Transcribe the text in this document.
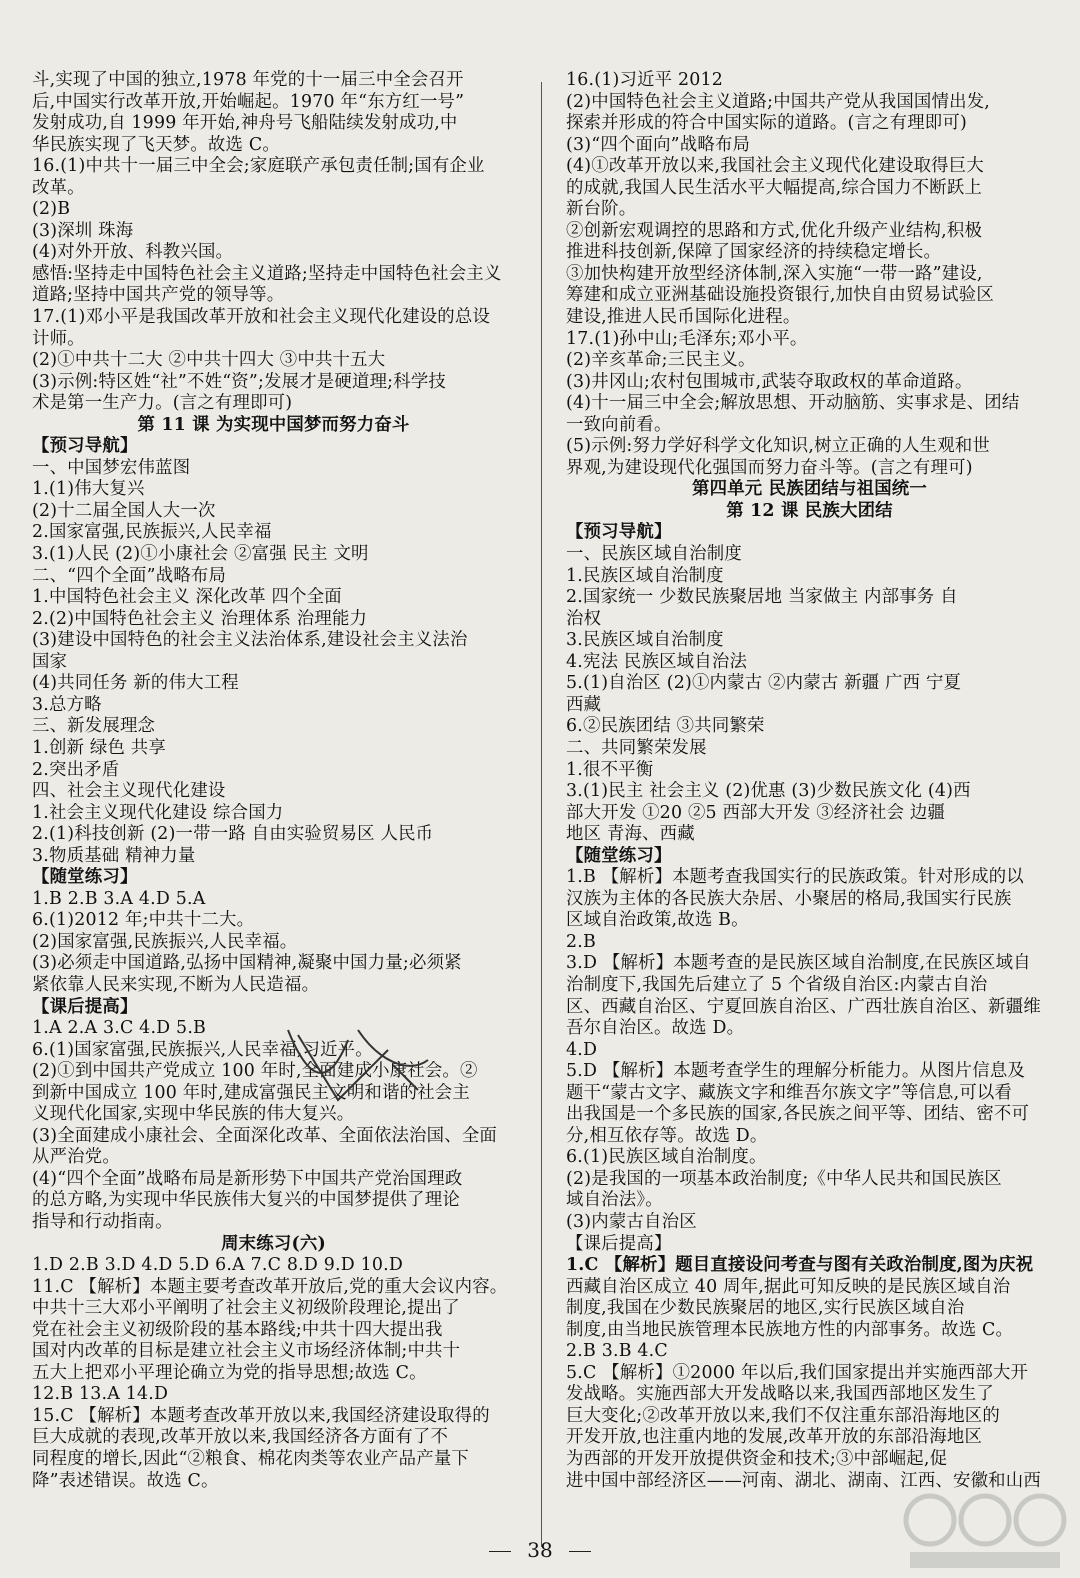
斗,实现了中国的独立,1978 年党的十一届三中全会召开
后,中国实行改革开放,开始崛起。1970 年“东方红一号”
发射成功,自 1999 年开始,神舟号飞船陆续发射成功,中
华民族实现了飞天梦。故选 C。
16.(1)中共十一届三中全会;家庭联产承包责任制;国有企业
改革。
(2)B
(3)深圳 珠海
(4)对外开放、科教兴国。
感悟:坚持走中国特色社会主义道路;坚持走中国特色社会主义
道路;坚持中国共产党的领导等。
17.(1)邓小平是我国改革开放和社会主义现代化建设的总设
计师。
(2)①中共十二大 ②中共十四大 ③中共十五大
(3)示例:特区姓“社”不姓“资”;发展才是硬道理;科学技
术是第一生产力。(言之有理即可)
第 11 课 为实现中国梦而努力奋斗
【预习导航】
一、中国梦宏伟蓝图
1.(1)伟大复兴
(2)十二届全国人大一次
2.国家富强,民族振兴,人民幸福
3.(1)人民 (2)①小康社会 ②富强 民主 文明
二、“四个全面”战略布局
1.中国特色社会主义 深化改革 四个全面
2.(2)中国特色社会主义 治理体系 治理能力
(3)建设中国特色的社会主义法治体系,建设社会主义法治
国家
(4)共同任务 新的伟大工程
3.总方略
三、新发展理念
1.创新 绿色 共享
2.突出矛盾
四、社会主义现代化建设
1.社会主义现代化建设 综合国力
2.(1)科技创新 (2)一带一路 自由实验贸易区 人民币
3.物质基础 精神力量
【随堂练习】
1.B 2.B 3.A 4.D 5.A
6.(1)2012 年;中共十二大。
(2)国家富强,民族振兴,人民幸福。
(3)必须走中国道路,弘扬中国精神,凝聚中国力量;必须紧
紧依靠人民来实现,不断为人民造福。
【课后提高】
1.A 2.A 3.C 4.D 5.B
6.(1)国家富强,民族振兴,人民幸福,习近平。
(2)①到中国共产党成立 100 年时,全面建成小康社会。②
到新中国成立 100 年时,建成富强民主文明和谐的社会主
义现代化国家,实现中华民族的伟大复兴。
(3)全面建成小康社会、全面深化改革、全面依法治国、全面
从严治党。
(4)“四个全面”战略布局是新形势下中国共产党治国理政
的总方略,为实现中华民族伟大复兴的中国梦提供了理论
指导和行动指南。
周末练习(六)
1.D 2.B 3.D 4.D 5.D 6.A 7.C 8.D 9.D 10.D
11.C 【解析】本题主要考查改革开放后,党的重大会议内容。
中共十三大邓小平阐明了社会主义初级阶段理论,提出了
党在社会主义初级阶段的基本路线;中共十四大提出我
国对内改革的目标是建立社会主义市场经济体制;中共十
五大上把邓小平理论确立为党的指导思想;故选 C。
12.B 13.A 14.D
15.C 【解析】本题考查改革开放以来,我国经济建设取得的
巨大成就的表现,改革开放以来,我国经济各方面有了不
同程度的增长,因此“②粮食、棉花肉类等农业产品产量下
降”表述错误。故选 C。
16.(1)习近平 2012
(2)中国特色社会主义道路;中国共产党从我国国情出发,
探索并形成的符合中国实际的道路。(言之有理即可)
(3)“四个面向”战略布局
(4)①改革开放以来,我国社会主义现代化建设取得巨大
的成就,我国人民生活水平大幅提高,综合国力不断跃上
新台阶。
②创新宏观调控的思路和方式,优化升级产业结构,积极
推进科技创新,保障了国家经济的持续稳定增长。
③加快构建开放型经济体制,深入实施“一带一路”建设,
筹建和成立亚洲基础设施投资银行,加快自由贸易试验区
建设,推进人民币国际化进程。
17.(1)孙中山;毛泽东;邓小平。
(2)辛亥革命;三民主义。
(3)井冈山;农村包围城市,武装夺取政权的革命道路。
(4)十一届三中全会;解放思想、开动脑筋、实事求是、团结
一致向前看。
(5)示例:努力学好科学文化知识,树立正确的人生观和世
界观,为建设现代化强国而努力奋斗等。(言之有理可)
第四单元 民族团结与祖国统一
第 12 课 民族大团结
【预习导航】
一、民族区域自治制度
1.民族区域自治制度
2.国家统一 少数民族聚居地 当家做主 内部事务 自
治权
3.民族区域自治制度
4.宪法 民族区域自治法
5.(1)自治区 (2)①内蒙古 ②内蒙古 新疆 广西 宁夏
西藏
6.②民族团结 ③共同繁荣
二、共同繁荣发展
1.很不平衡
3.(1)民主 社会主义 (2)优惠 (3)少数民族文化 (4)西
部大开发 ①20 ②5 西部大开发 ③经济社会 边疆
地区 青海、西藏
【随堂练习】
1.B 【解析】本题考查我国实行的民族政策。针对形成的以
汉族为主体的各民族大杂居、小聚居的格局,我国实行民族
区域自治政策,故选 B。
2.B
3.D 【解析】本题考查的是民族区域自治制度,在民族区域自
治制度下,我国先后建立了 5 个省级自治区:内蒙古自治
区、西藏自治区、宁夏回族自治区、广西壮族自治区、新疆维
吾尔自治区。故选 D。
4.D
5.D 【解析】本题考查学生的理解分析能力。从图片信息及
题干“蒙古文字、藏族文字和维吾尔族文字”等信息,可以看
出我国是一个多民族的国家,各民族之间平等、团结、密不可
分,相互依存等。故选 D。
6.(1)民族区域自治制度。
(2)是我国的一项基本政治制度;《中华人民共和国民族区
域自治法》。
(3)内蒙古自治区
【课后提高】
1.C 【解析】题目直接设问考查与图有关政治制度,图为庆祝
西藏自治区成立 40 周年,据此可知反映的是民族区域自治
制度,我国在少数民族聚居的地区,实行民族区域自治
制度,由当地民族管理本民族地方性的内部事务。故选 C。
2.B 3.B 4.C
5.C 【解析】①2000 年以后,我们国家提出并实施西部大开
发战略。实施西部大开发战略以来,我国西部地区发生了
巨大变化;②改革开放以来,我们不仅注重东部沿海地区的
开发开放,也注重内地的发展,改革开放的东部沿海地区
为西部的开发开放提供资金和技术;③中部崛起,促
进中国中部经济区——河南、湖北、湖南、江西、安徽和山西
38
